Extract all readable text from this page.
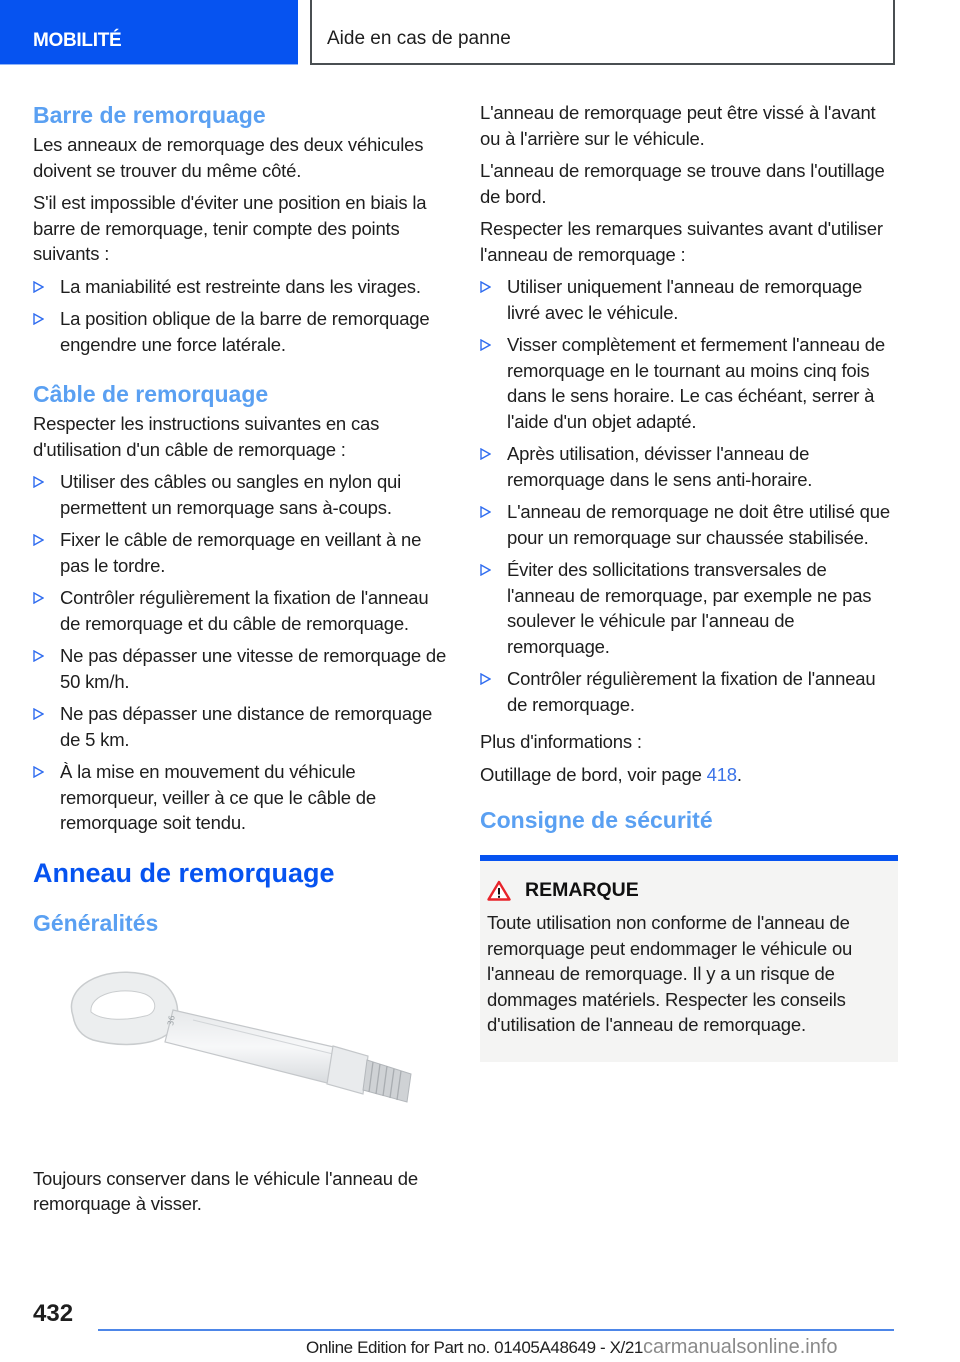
MOBILITÉ	Aide en cas de panne
Barre de remorquage

Les anneaux de remorquage des deux véhicules doivent se trouver du même côté.

S'il est impossible d'éviter une position en biais la barre de remorquage, tenir compte des points suivants :

La maniabilité est restreinte dans les virages.
La position oblique de la barre de remorquage engendre une force latérale.
Câble de remorquage

Respecter les instructions suivantes en cas d'utilisation d'un câble de remorquage :

Utiliser des câbles ou sangles en nylon qui permettent un remorquage sans à-coups.
Fixer le câble de remorquage en veillant à ne pas le tordre.
Contrôler régulièrement la fixation de l'anneau de remorquage et du câble de remorquage.
Ne pas dépasser une vitesse de remorquage de 50 km/h.
Ne pas dépasser une distance de remorquage de 5 km.
À la mise en mouvement du véhicule remorqueur, veiller à ce que le câble de remorquage soit tendu.
Anneau de remorquage
Généralités
36

Toujours conserver dans le véhicule l'anneau de remorquage à visser.

L'anneau de remorquage peut être vissé à l'avant ou à l'arrière sur le véhicule.

L'anneau de remorquage se trouve dans l'outillage de bord.

Respecter les remarques suivantes avant d'utiliser l'anneau de remorquage :

Utiliser uniquement l'anneau de remorquage livré avec le véhicule.
Visser complètement et fermement l'anneau de remorquage en le tournant au moins cinq fois dans le sens horaire. Le cas échéant, serrer à l'aide d'un objet adapté.
Après utilisation, dévisser l'anneau de remorquage dans le sens anti-horaire.
L'anneau de remorquage ne doit être utilisé que pour un remorquage sur chaussée stabilisée.
Éviter des sollicitations transversales de l'anneau de remorquage, par exemple ne pas soulever le véhicule par l'anneau de remorquage.
Contrôler régulièrement la fixation de l'anneau de remorquage.

Plus d'informations :

Outillage de bord, voir page 418.

Consigne de sécurité
REMARQUE
Toute utilisation non conforme de l'anneau de remorquage peut endommager le véhicule ou l'anneau de remorquage. Il y a un risque de dommages matériels. Respecter les conseils d'utilisation de l'anneau de remorquage.
432
Online Edition for Part no. 01405A48649 - X/21carmanualsonline.info
